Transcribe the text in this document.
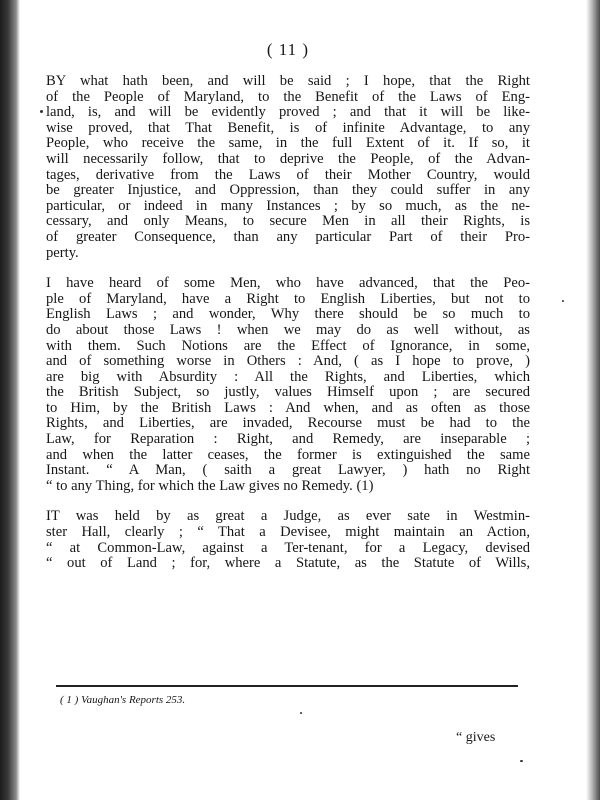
( 11 )
BY what hath been, and will be said ; I hope, that the Right
of the People of Maryland, to the Benefit of the Laws of Eng-
land, is, and will be evidently proved ; and that it will be like-
wise proved, that That Benefit, is of infinite Advantage, to any
People, who receive the same, in the full Extent of it. If so, it
will necessarily follow, that to deprive the People, of the Advan-
tages, derivative from the Laws of their Mother Country, would
be greater Injustice, and Oppression, than they could suffer in any
particular, or indeed in many Instances ; by so much, as the ne-
cessary, and only Means, to secure Men in all their Rights, is
of greater Consequence, than any particular Part of their Pro-
perty.
I have heard of some Men, who have advanced, that the Peo-
ple of Maryland, have a Right to English Liberties, but not to
English Laws ; and wonder, Why there should be so much to
do about those Laws ! when we may do as well without, as
with them. Such Notions are the Effect of Ignorance, in some,
and of something worse in Others : And, ( as I hope to prove, )
are big with Absurdity : All the Rights, and Liberties, which
the British Subject, so justly, values Himself upon ; are secured
to Him, by the British Laws : And when, and as often as those
Rights, and Liberties, are invaded, Recourse must be had to the
Law, for Reparation : Right, and Remedy, are inseparable ;
and when the latter ceases, the former is extinguished the same
Instant. “ A Man, ( saith a great Lawyer, ) hath no Right
“ to any Thing, for which the Law gives no Remedy. (1)
IT was held by as great a Judge, as ever sate in Westmin-
ster Hall, clearly ; “ That a Devisee, might maintain an Action,
“ at Common-Law, against a Ter-tenant, for a Legacy, devised
“ out of Land ; for, where a Statute, as the Statute of Wills,
( 1 ) Vaughan's Reports 253.
“ gives
